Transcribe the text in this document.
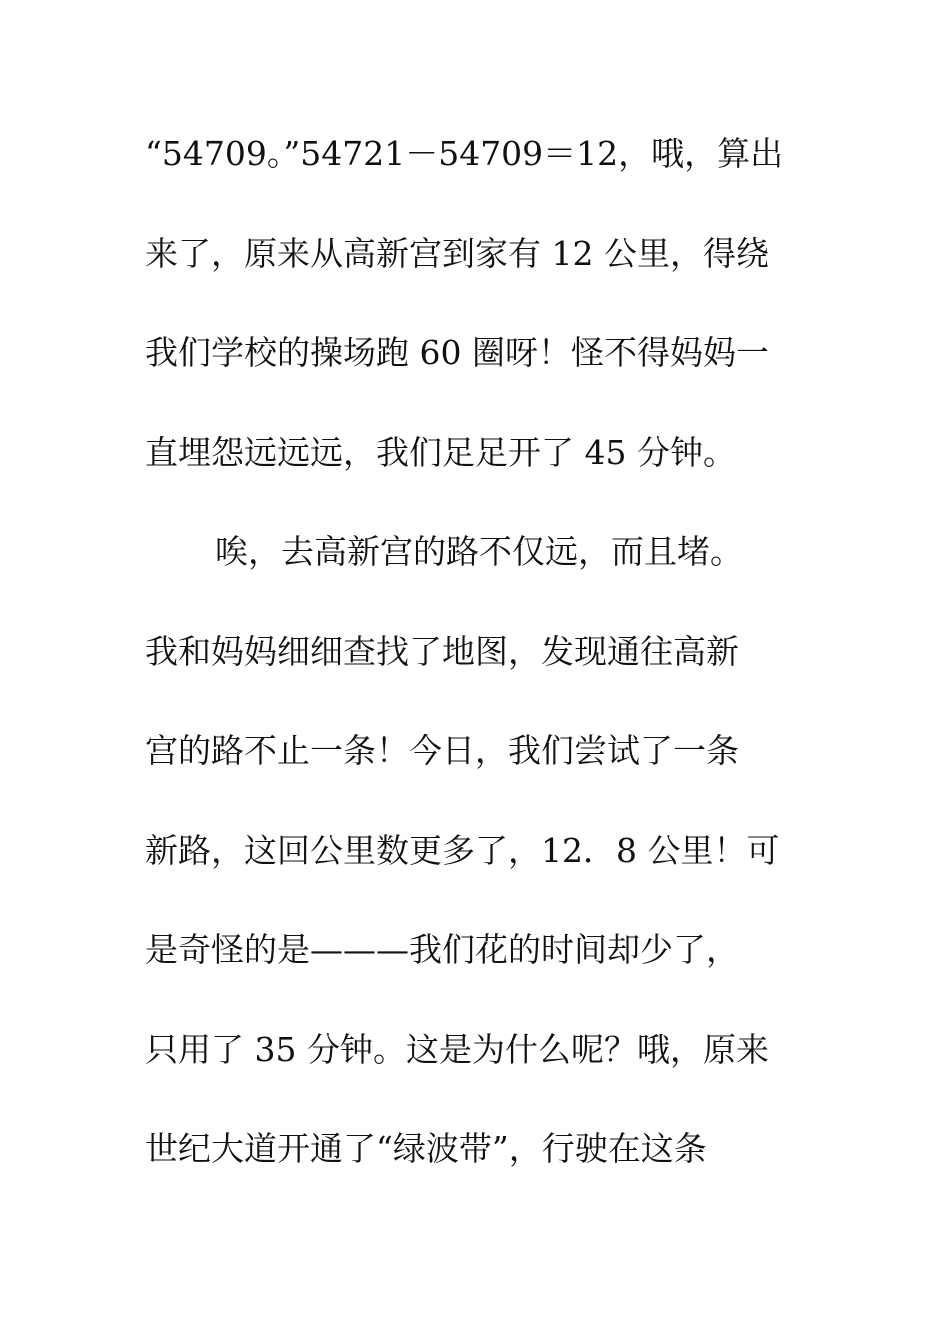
“54709。”54721－54709＝12，哦，算出
来了，原来从高新宫到家有 12 公里，得绕
我们学校的操场跑 60 圈呀！怪不得妈妈一
直埋怨远远远，我们足足开了 45 分钟。
唉，去高新宫的路不仅远，而且堵。
我和妈妈细细查找了地图，发现通往高新
宫的路不止一条！今日，我们尝试了一条
新路，这回公里数更多了，12．8 公里！可
是奇怪的是———我们花的时间却少了，
只用了 35 分钟。这是为什么呢？哦，原来
世纪大道开通了“绿波带”，行驶在这条
